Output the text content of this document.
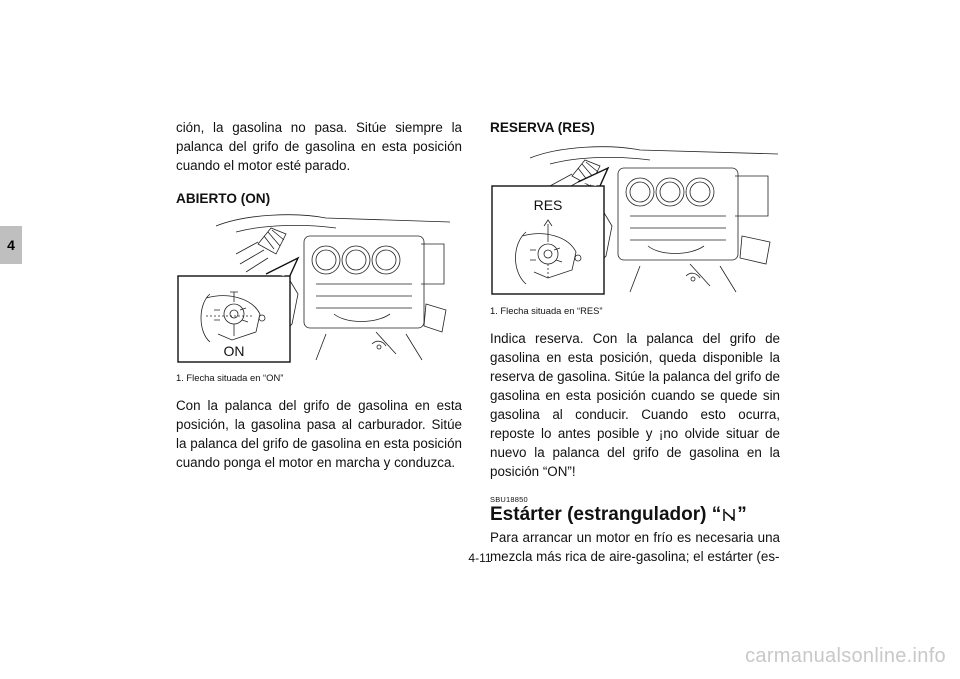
4

ción, la gasolina no pasa. Sitúe siempre la palanca del grifo de gasolina en esta posición cuando el motor esté parado.

ABIERTO (ON)

ON

1. Flecha situada en “ON”

Con la palanca del grifo de gasolina en esta posición, la gasolina pasa al carburador. Sitúe la palanca del grifo de gasolina en esta posición cuando ponga el motor en marcha y conduzca.

RESERVA (RES)

RES

1. Flecha situada en “RES”

Indica reserva. Con la palanca del grifo de gasolina en esta posición, queda disponible la reserva de gasolina. Sitúe la palanca del grifo de gasolina en esta posición cuando se quede sin gasolina al conducir. Cuando esto ocurra, reposte lo antes posible y ¡no olvide situar de nuevo la palanca del grifo de gasolina en la posición “ON”!

SBU18850

Estárter (estrangulador) “ ”

Para arrancar un motor en frío es necesaria una mezcla más rica de aire-gasolina; el estárter (es-

4-11
carmanualsonline.info
